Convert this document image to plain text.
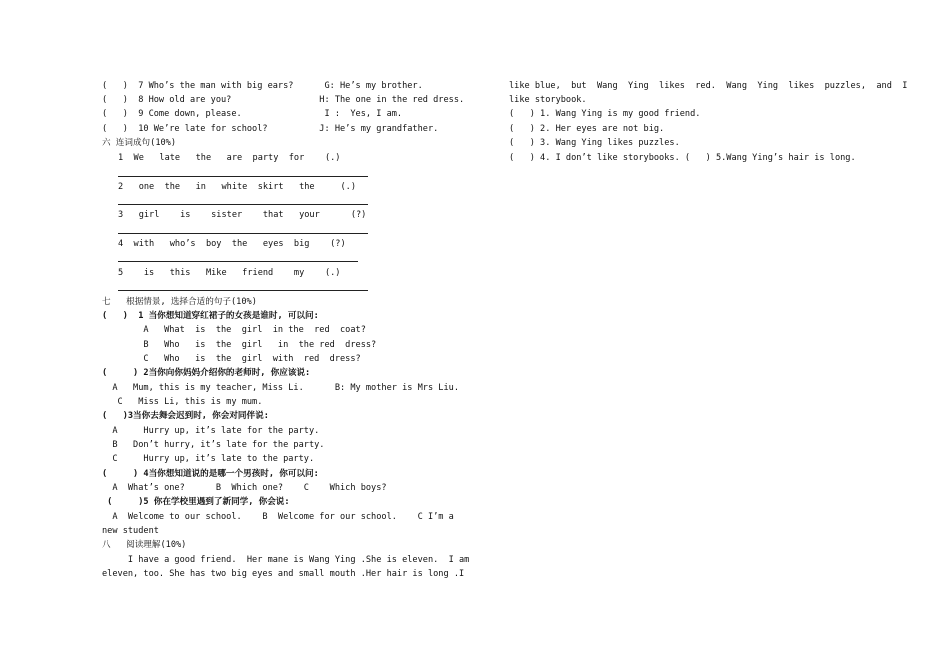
(   )  7 Who’s the man with big ears?      G: He’s my brother.
(   )  8 How old are you?                 H: The one in the red dress.
(   )  9 Come down, please.                I :  Yes, I am.
(   )  10 We’re late for school?          J: He’s my grandfather.
六 连词成句(10%)
1  We   late   the   are  party  for    (.)
2   one  the   in   white  skirt   the     (.)
3   girl    is    sister    that   your      (?)
4  with   who’s  boy  the   eyes  big    (?)
5    is   this   Mike   friend    my    (.)
七   根据情景, 选择合适的句子(10%)
(   )  1 当你想知道穿红裙子的女孩是谁时, 可以问:
A   What  is  the  girl  in the  red  coat?
B   Who   is  the  girl   in  the red  dress?
C   Who   is  the  girl  with  red  dress?
(     ) 2当你向你妈妈介绍你的老师时, 你应该说:
A   Mum, this is my teacher, Miss Li.      B: My mother is Mrs Liu.
C   Miss Li, this is my mum.
(   )3当你去舞会迟到时, 你会对同伴说:
A     Hurry up, it’s late for the party.
B   Don’t hurry, it’s late for the party.
C     Hurry up, it’s late to the party.
(     ) 4当你想知道说的是哪一个男孩时, 你可以问:
A  What’s one?      B  Which one?    C    Which boys?
(     )5 你在学校里遇到了新同学, 你会说:
A  Welcome to our school.    B  Welcome for our school.    C I’m a
new student
八   阅读理解(10%)
I have a good friend.  Her mane is Wang Ying .She is eleven.  I am
eleven, too. She has two big eyes and small mouth .Her hair is long .I
like blue,  but  Wang  Ying  likes  red.  Wang  Ying  likes  puzzles,  and  I
like storybook.
(   ) 1. Wang Ying is my good friend.
(   ) 2. Her eyes are not big.
(   ) 3. Wang Ying likes puzzles.
(   ) 4. I don’t like storybooks. (   ) 5.Wang Ying’s hair is long.
